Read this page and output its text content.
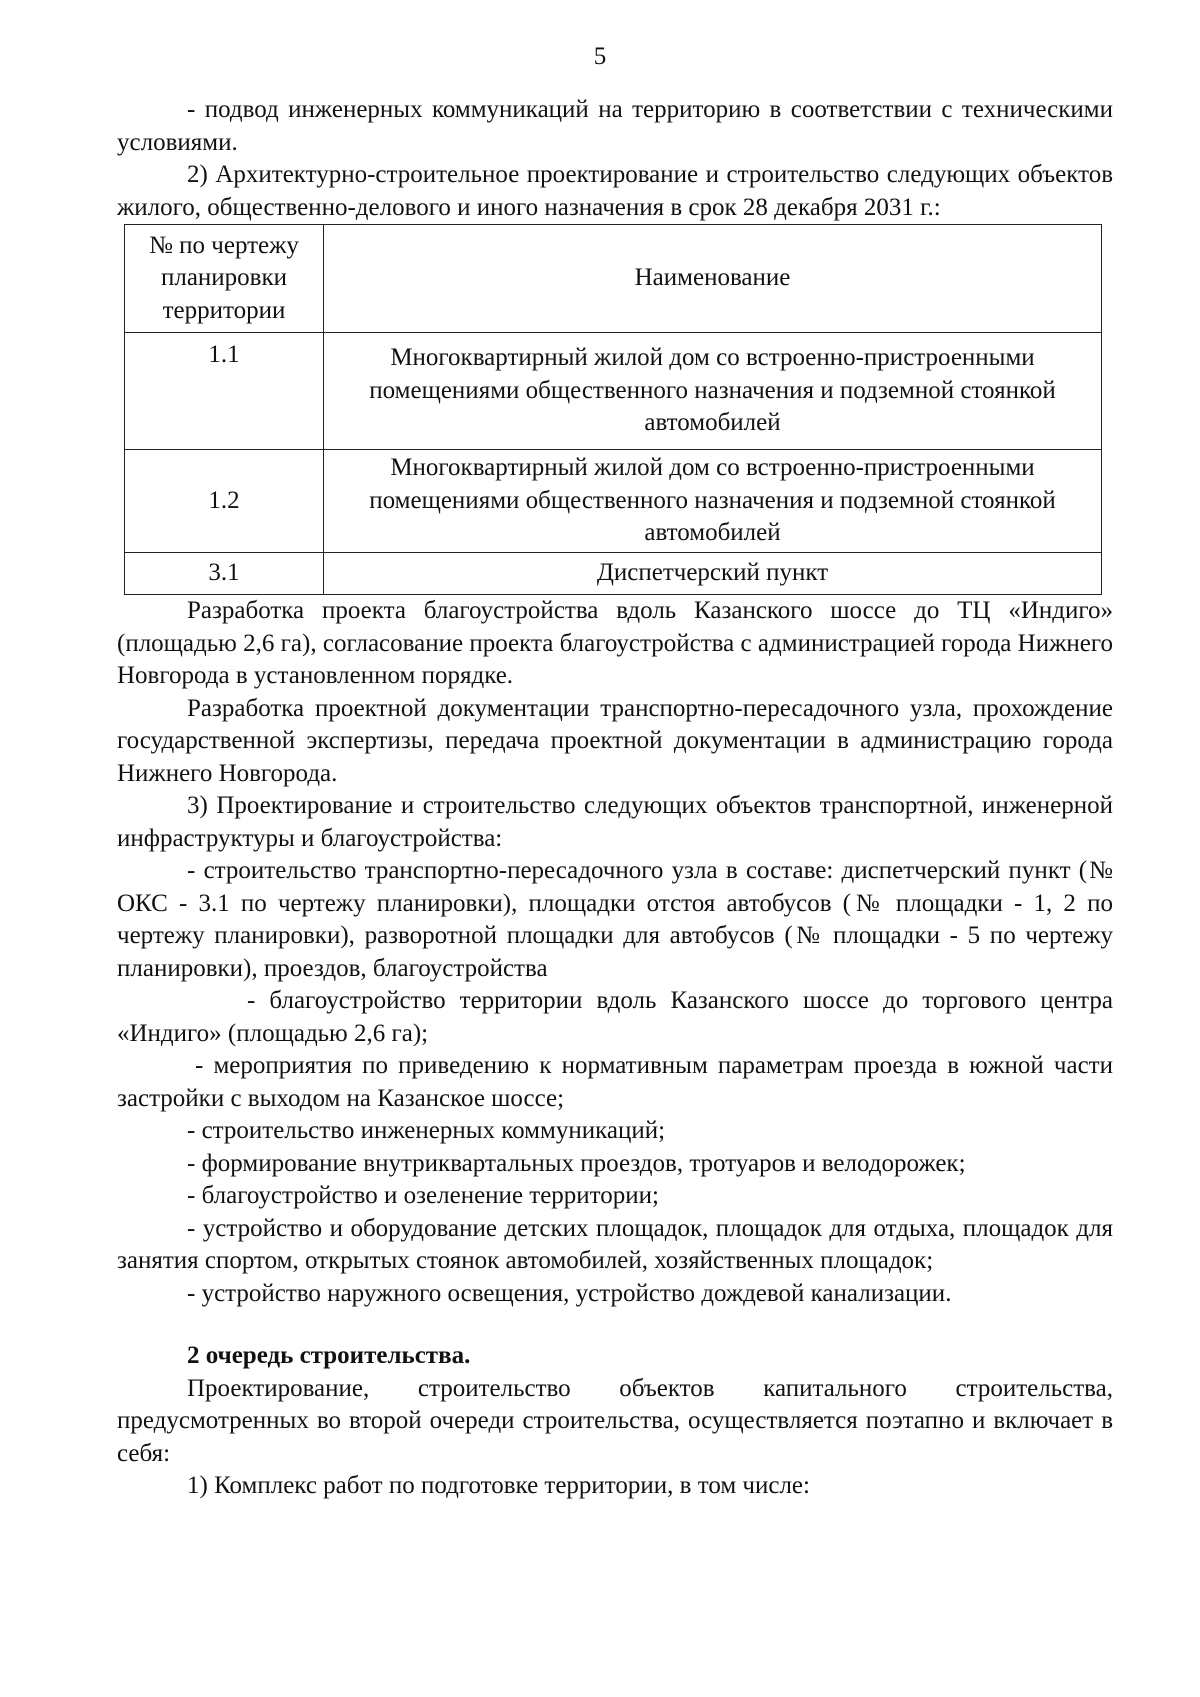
5

- подвод инженерных коммуникаций на территорию в соответствии с техническими условиями.

2) Архитектурно-строительное проектирование и строительство следующих объектов жилого, общественно-делового и иного назначения в срок 28 декабря 2031 г.:

№ по чертежу планировки территории	Наименование
1.1	Многоквартирный жилой дом со встроенно-пристроенными помещениями общественного назначения и подземной стоянкой автомобилей
1.2	Многоквартирный жилой дом со встроенно-пристроенными помещениями общественного назначения и подземной стоянкой автомобилей
3.1	Диспетчерский пункт

Разработка проекта благоустройства вдоль Казанского шоссе до ТЦ «Индиго» (площадью 2,6 га), согласование проекта благоустройства с администрацией города Нижнего Новгорода в установленном порядке.

Разработка проектной документации транспортно-пересадочного узла, прохождение государственной экспертизы, передача проектной документации в администрацию города Нижнего Новгорода.

3) Проектирование и строительство следующих объектов транспортной, инженерной инфраструктуры и благоустройства:

- строительство транспортно-пересадочного узла в составе: диспетчерский пункт (№ ОКС - 3.1 по чертежу планировки), площадки отстоя автобусов (№ площадки - 1, 2 по чертежу планировки), разворотной площадки для автобусов (№ площадки - 5 по чертежу планировки), проездов, благоустройства

- благоустройство территории вдоль Казанского шоссе до торгового центра «Индиго» (площадью 2,6 га);

- мероприятия по приведению к нормативным параметрам проезда в южной части застройки с выходом на Казанское шоссе;

- строительство инженерных коммуникаций;

- формирование внутриквартальных проездов, тротуаров и велодорожек;

- благоустройство и озеленение территории;

- устройство и оборудование детских площадок, площадок для отдыха, площадок для занятия спортом, открытых стоянок автомобилей, хозяйственных площадок;

- устройство наружного освещения, устройство дождевой канализации.

2 очередь строительства.

Проектирование, строительство объектов капитального строительства, предусмотренных во второй очереди строительства, осуществляется поэтапно и включает в себя:

1) Комплекс работ по подготовке территории, в том числе:
